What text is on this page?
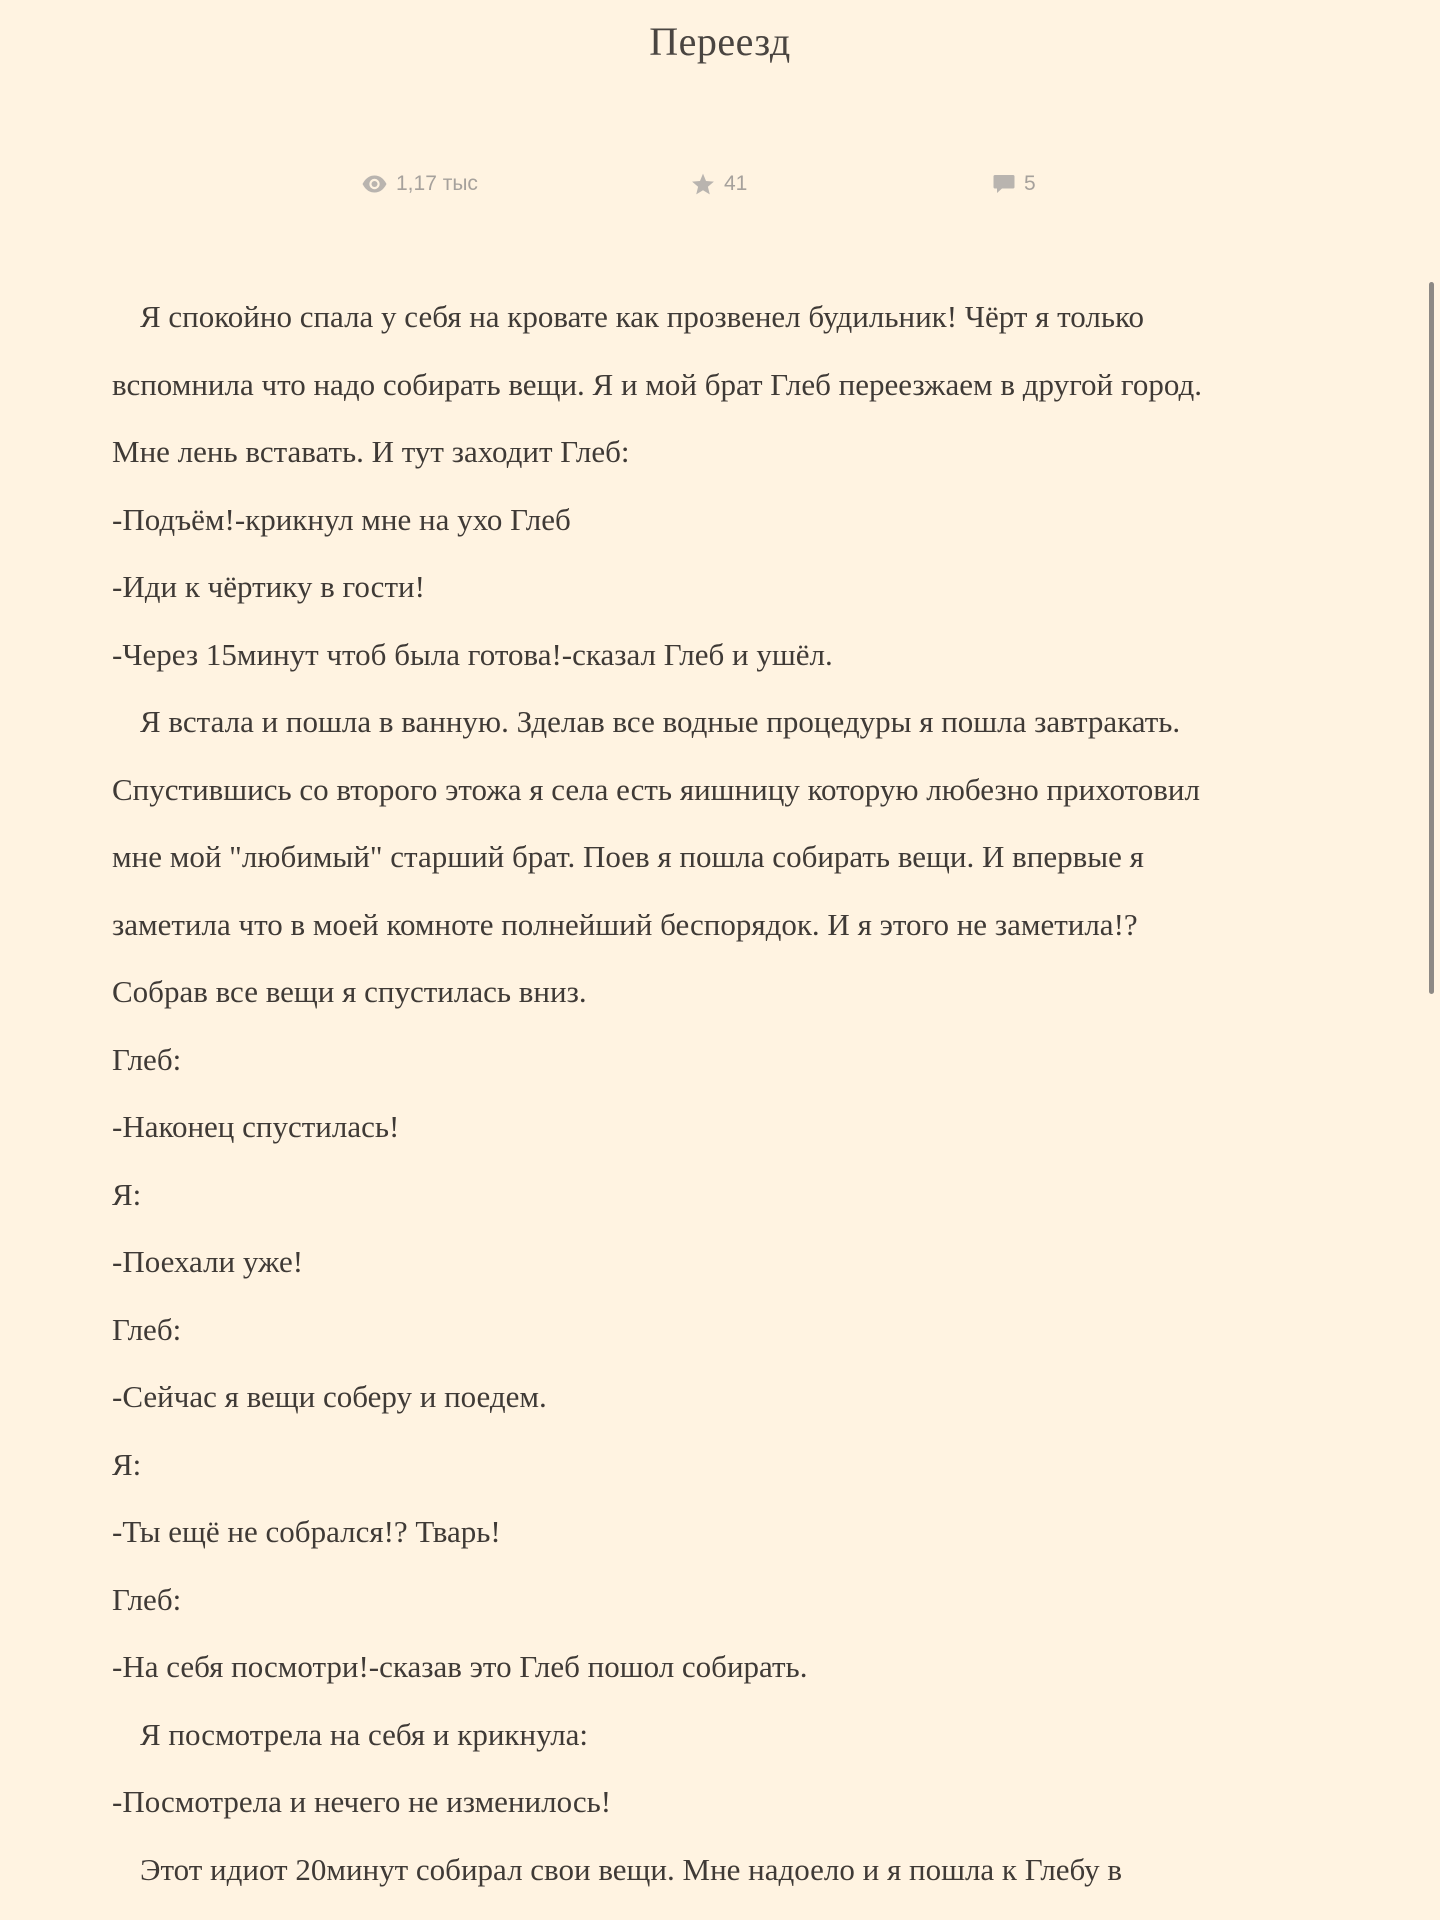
Переезд
1,17 тыс	41	5

Я спокойно спала у себя на кровате как прозвенел будильник! Чёрт я только

вспомнила что надо собирать вещи. Я и мой брат Глеб переезжаем в другой город.

Мне лень вставать. И тут заходит Глеб:

-Подъём!-крикнул мне на ухо Глеб

-Иди к чёртику в гости!

-Через 15минут чтоб была готова!-сказал Глеб и ушёл.

Я встала и пошла в ванную. Зделав все водные процедуры я пошла завтракать.

Спустившись со второго этожа я села есть яишницу которую любезно прихотовил

мне мой "любимый" старший брат. Поев я пошла собирать вещи. И впервые я

заметила что в моей комноте полнейший беспорядок. И я этого не заметила!?

Собрав все вещи я спустилась вниз.

Глеб:

-Наконец спустилась!

Я:

-Поехали уже!

Глеб:

-Сейчас я вещи соберу и поедем.

Я:

-Ты ещё не собрался!? Тварь!

Глеб:

-На себя посмотри!-сказав это Глеб пошол собирать.

Я посмотрела на себя и крикнула:

-Посмотрела и нечего не изменилось!

Этот идиот 20минут собирал свои вещи. Мне надоело и я пошла к Глебу в
